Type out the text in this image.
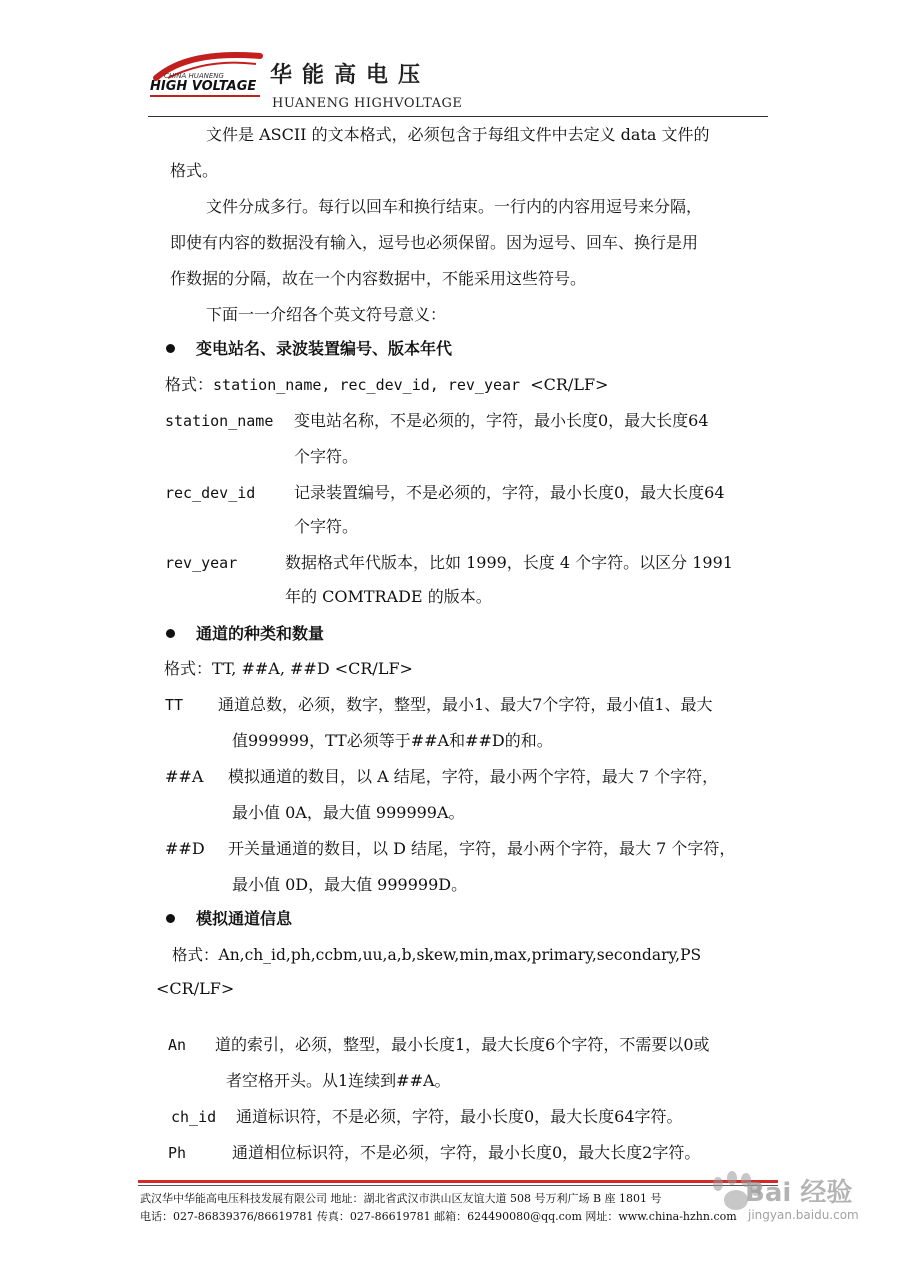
CHINA HUANENG
HIGH VOLTAGE 华能高电压
HUANENG HIGHVOLTAGE
文件是 ASCII 的文本格式，必须包含于每组文件中去定义 data 文件的
格式。
文件分成多行。每行以回车和换行结束。一行内的内容用逗号来分隔，
即使有内容的数据没有输入，逗号也必须保留。因为逗号、回车、换行是用
作数据的分隔，故在一个内容数据中，不能采用这些符号。
下面一一介绍各个英文符号意义：
变电站名、录波装置编号、版本年代
格式：station_name, rec_dev_id, rev_year <CR/LF>
station_name 变电站名称，不是必须的，字符，最小长度0，最大长度64
个字符。
rec_dev_id 记录装置编号，不是必须的，字符，最小长度0，最大长度64
个字符。
rev_year	数据格式年代版本，比如 1999，长度 4 个字符。以区分 1991
年的 COMTRADE 的版本。
通道的种类和数量
格式：TT, ##A, ##D <CR/LF>
TT 通道总数，必须，数字，整型，最小1、最大7个字符，最小值1、最大
值999999，TT必须等于##A和##D的和。
##A 模拟通道的数目，以 A 结尾，字符，最小两个字符，最大 7 个字符，
最小值 0A，最大值 999999A。
##D 开关量通道的数目，以 D 结尾，字符，最小两个字符，最大 7 个字符，
最小值 0D，最大值 999999D。
模拟通道信息
格式：An,ch_id,ph,ccbm,uu,a,b,skew,min,max,primary,secondary,PS
<CR/LF>
An 道的索引，必须，整型，最小长度1，最大长度6个字符，不需要以0或
者空格开头。从1连续到##A。
ch_id 通道标识符，不是必须，字符，最小长度0，最大长度64字符。
Ph	通道相位标识符，不是必须，字符，最小长度0，最大长度2字符。
武汉华中华能高电压科技发展有限公司 地址：湖北省武汉市洪山区友谊大道 508 号万利广场 B 座 1801 号
电话：027-86839376/86619781 传真：027-86619781 邮箱：624490080@qq.com 网址：www.china-hzhn.com
Bai 经验
jingyan.baidu.com
